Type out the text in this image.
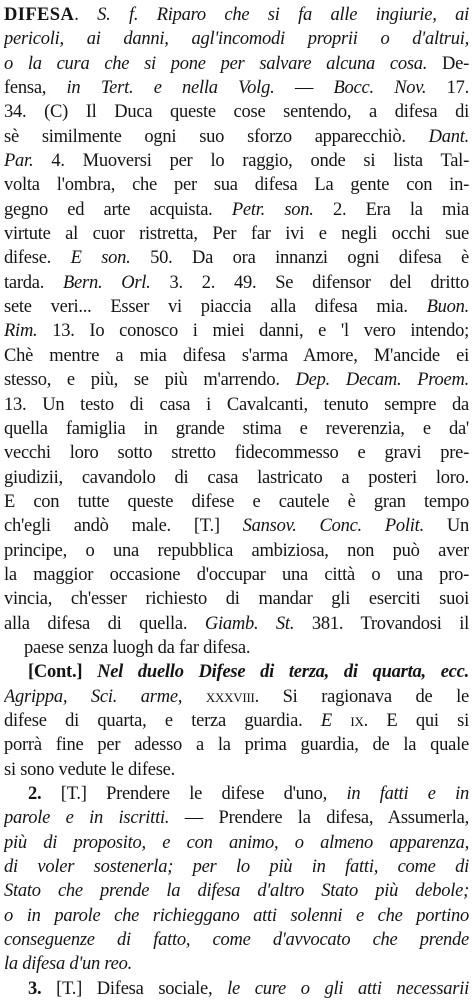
DIFESA. S. f. Riparo che si fa alle ingiurie, ai
pericoli, ai danni, agl'incomodi proprii o d'altrui,
o la cura che si pone per salvare alcuna cosa. De-
fensa, in Tert. e nella Volg. — Bocc. Nov. 17.
34. (C) Il Duca queste cose sentendo, a difesa di
sè similmente ogni suo sforzo apparecchiò. Dant.
Par. 4. Muoversi per lo raggio, onde si lista Tal-
volta l'ombra, che per sua difesa La gente con in-
gegno ed arte acquista. Petr. son. 2. Era la mia
virtute al cuor ristretta, Per far ivi e negli occhi sue
difese. E son. 50. Da ora innanzi ogni difesa è
tarda. Bern. Orl. 3. 2. 49. Se difensor del dritto
sete veri... Esser vi piaccia alla difesa mia. Buon.
Rim. 13. Io conosco i miei danni, e 'l vero intendo;
Chè mentre a mia difesa s'arma Amore, M'ancide ei
stesso, e più, se più m'arrendo. Dep. Decam. Proem.
13. Un testo di casa i Cavalcanti, tenuto sempre da
quella famiglia in grande stima e reverenzia, e da'
vecchi loro sotto stretto fidecommesso e gravi pre-
giudizii, cavandolo di casa lastricato a posteri loro.
E con tutte queste difese e cautele è gran tempo
ch'egli andò male. [T.] Sansov. Conc. Polit. Un
principe, o una repubblica ambiziosa, non può aver
la maggior occasione d'occupar una città o una pro-
vincia, ch'esser richiesto di mandar gli eserciti suoi
alla difesa di quella. Giamb. St. 381. Trovandosi il
paese senza luogh da far difesa.
[Cont.] Nel duello Difese di terza, di quarta, ecc.
Agrippa, Sci. arme, xxxviii. Si ragionava de le
difese di quarta, e terza guardia. E ix. E qui si
porrà fine per adesso a la prima guardia, de la quale
si sono vedute le difese.
2. [T.] Prendere le difese d'uno, in fatti e in
parole e in iscritti. — Prendere la difesa, Assumerla,
più di proposito, e con animo, o almeno apparenza,
di voler sostenerla; per lo più in fatti, come di
Stato che prende la difesa d'altro Stato più debole;
o in parole che richieggano atti solenni e che portino
conseguenze di fatto, come d'avvocato che prende
la difesa d'un reo.
3. [T.] Difesa sociale, le cure o gli atti necessarii
